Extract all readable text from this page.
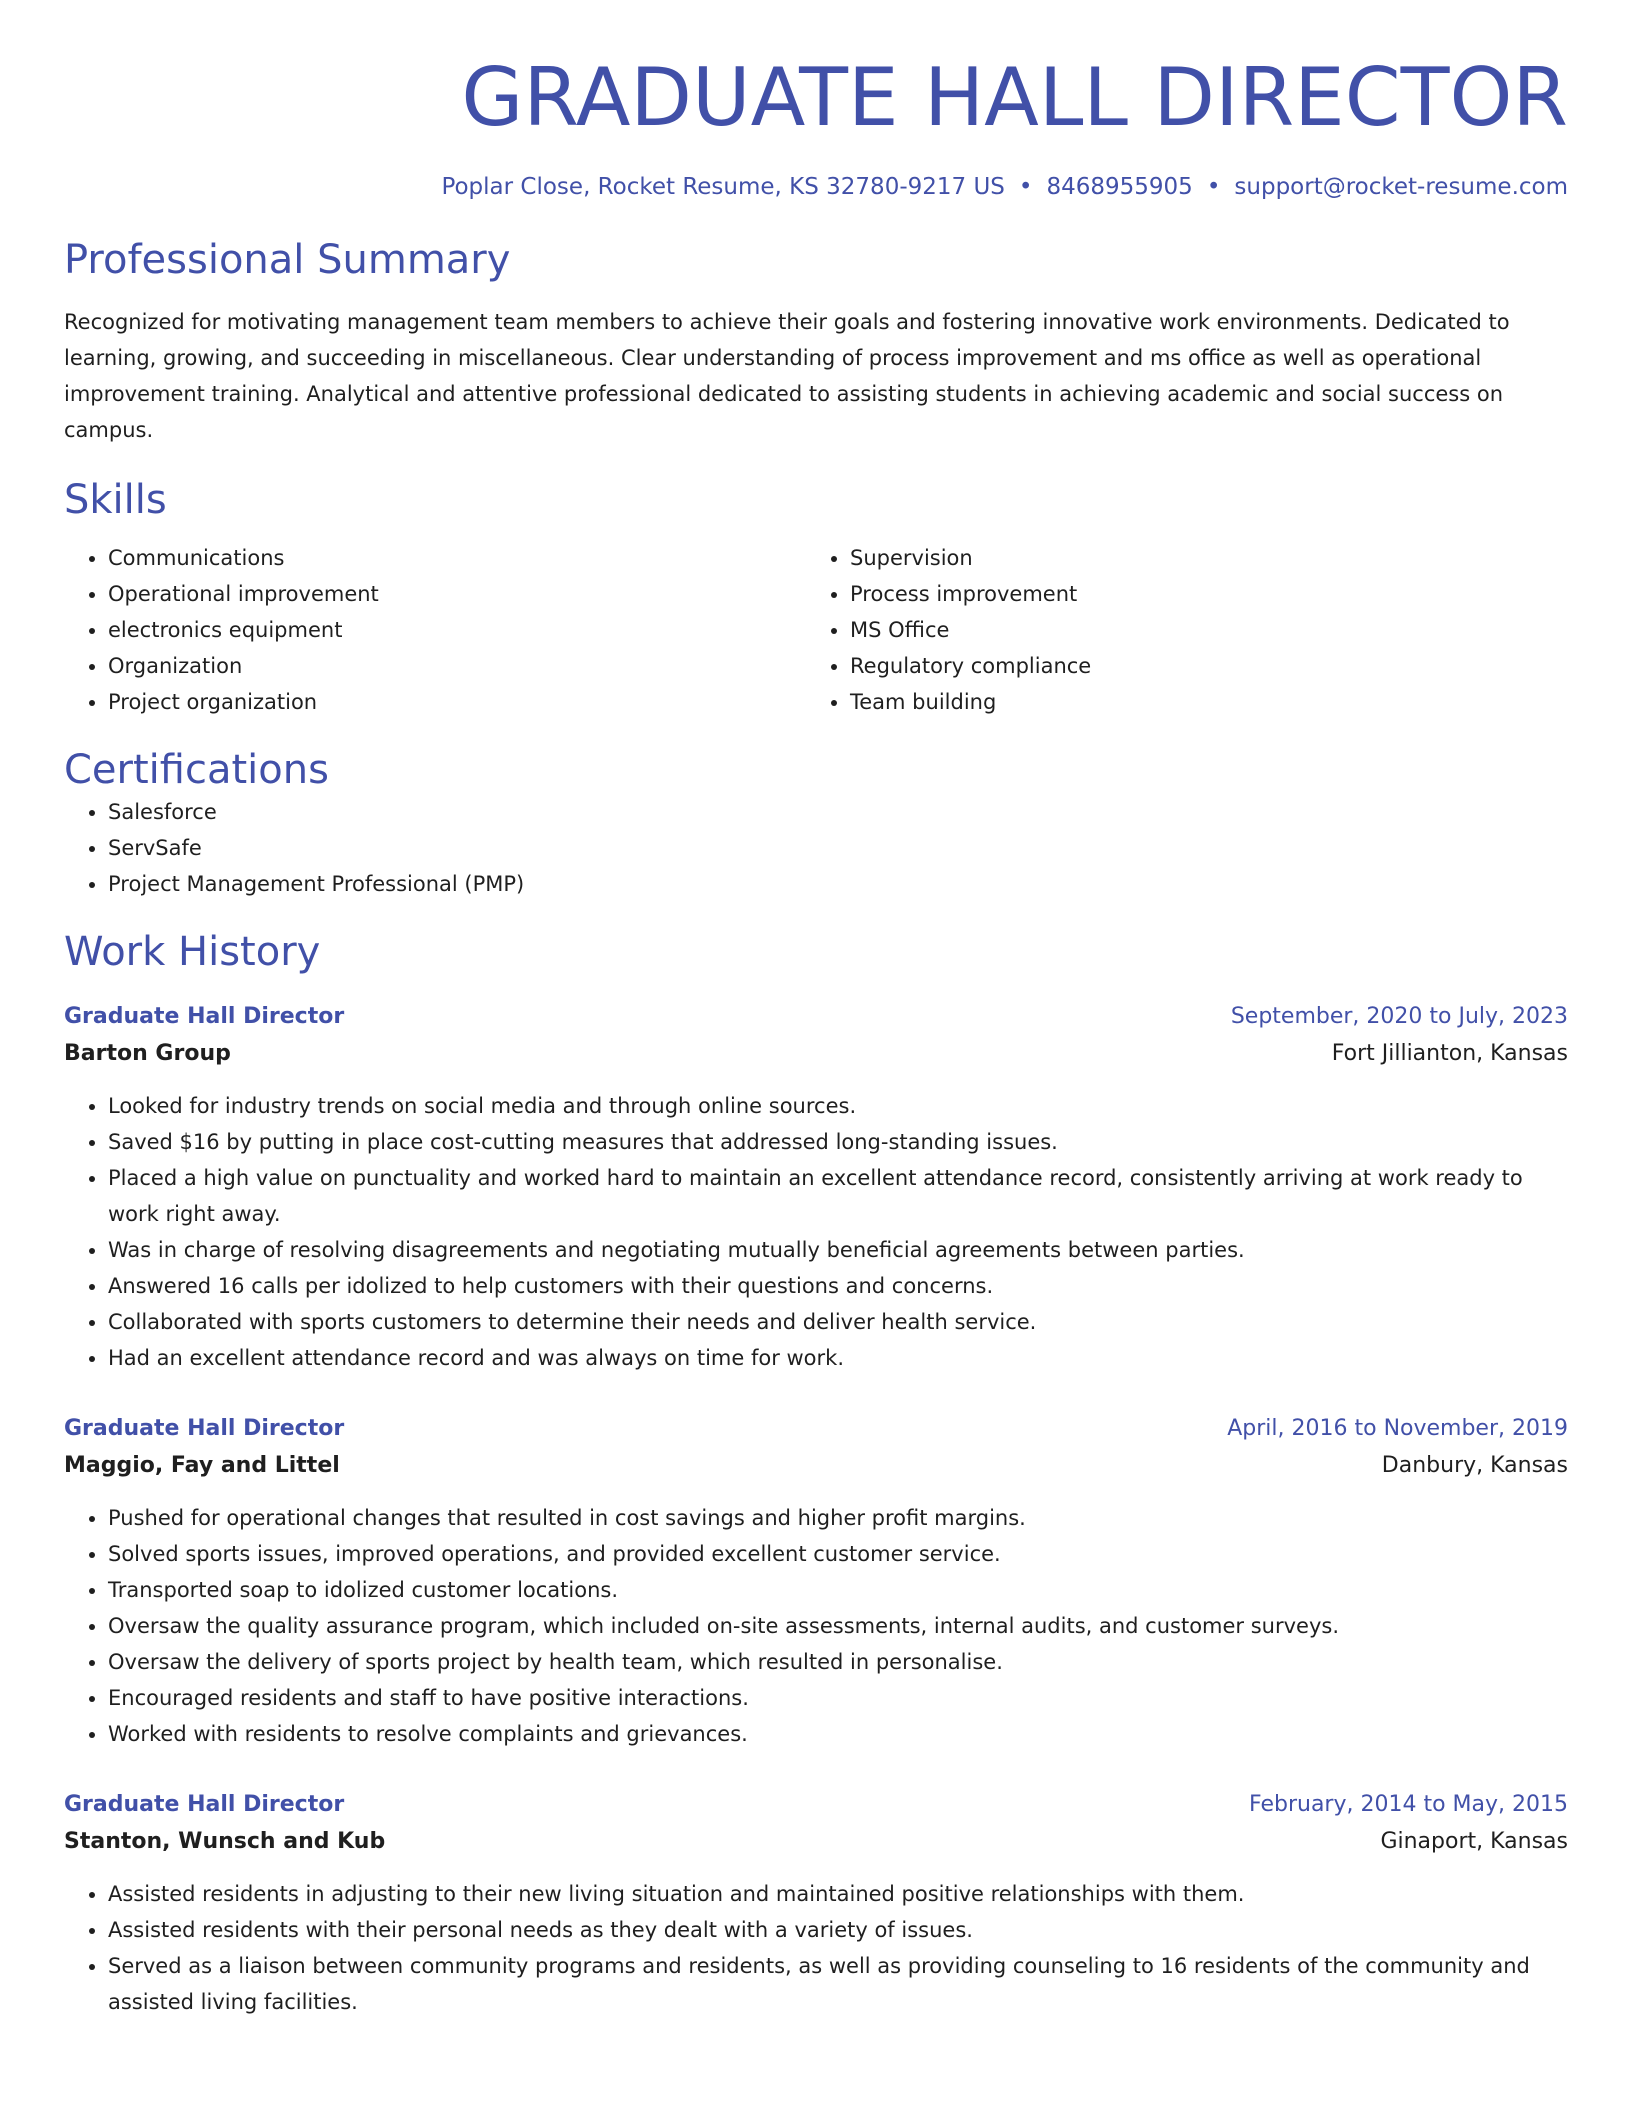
GRADUATE HALL DIRECTOR
Poplar Close, Rocket Resume, KS 32780-9217 US • 8468955905 • support@rocket-resume.com
Professional Summary

Recognized for motivating management team members to achieve their goals and fostering innovative work environments. Dedicated to learning, growing, and succeeding in miscellaneous. Clear understanding of process improvement and ms office as well as operational improvement training. Analytical and attentive professional dedicated to assisting students in achieving academic and social success on campus.

Skills
• Communications
• Operational improvement
• electronics equipment
• Organization
• Project organization
• Supervision
• Process improvement
• MS Office
• Regulatory compliance
• Team building
Certifications
• Salesforce
• ServSafe
• Project Management Professional (PMP)
Work History
Graduate Hall Director	September, 2020 to July, 2023
Barton Group	Fort Jillianton, Kansas
• Looked for industry trends on social media and through online sources.
• Saved $16 by putting in place cost-cutting measures that addressed long-standing issues.
• Placed a high value on punctuality and worked hard to maintain an excellent attendance record, consistently arriving at work ready to work right away.
• Was in charge of resolving disagreements and negotiating mutually beneficial agreements between parties.
• Answered 16 calls per idolized to help customers with their questions and concerns.
• Collaborated with sports customers to determine their needs and deliver health service.
• Had an excellent attendance record and was always on time for work.
Graduate Hall Director	April, 2016 to November, 2019
Maggio, Fay and Littel	Danbury, Kansas
• Pushed for operational changes that resulted in cost savings and higher profit margins.
• Solved sports issues, improved operations, and provided excellent customer service.
• Transported soap to idolized customer locations.
• Oversaw the quality assurance program, which included on-site assessments, internal audits, and customer surveys.
• Oversaw the delivery of sports project by health team, which resulted in personalise.
• Encouraged residents and staff to have positive interactions.
• Worked with residents to resolve complaints and grievances.
Graduate Hall Director	February, 2014 to May, 2015
Stanton, Wunsch and Kub	Ginaport, Kansas
• Assisted residents in adjusting to their new living situation and maintained positive relationships with them.
• Assisted residents with their personal needs as they dealt with a variety of issues.
• Served as a liaison between community programs and residents, as well as providing counseling to 16 residents of the community and assisted living facilities.
